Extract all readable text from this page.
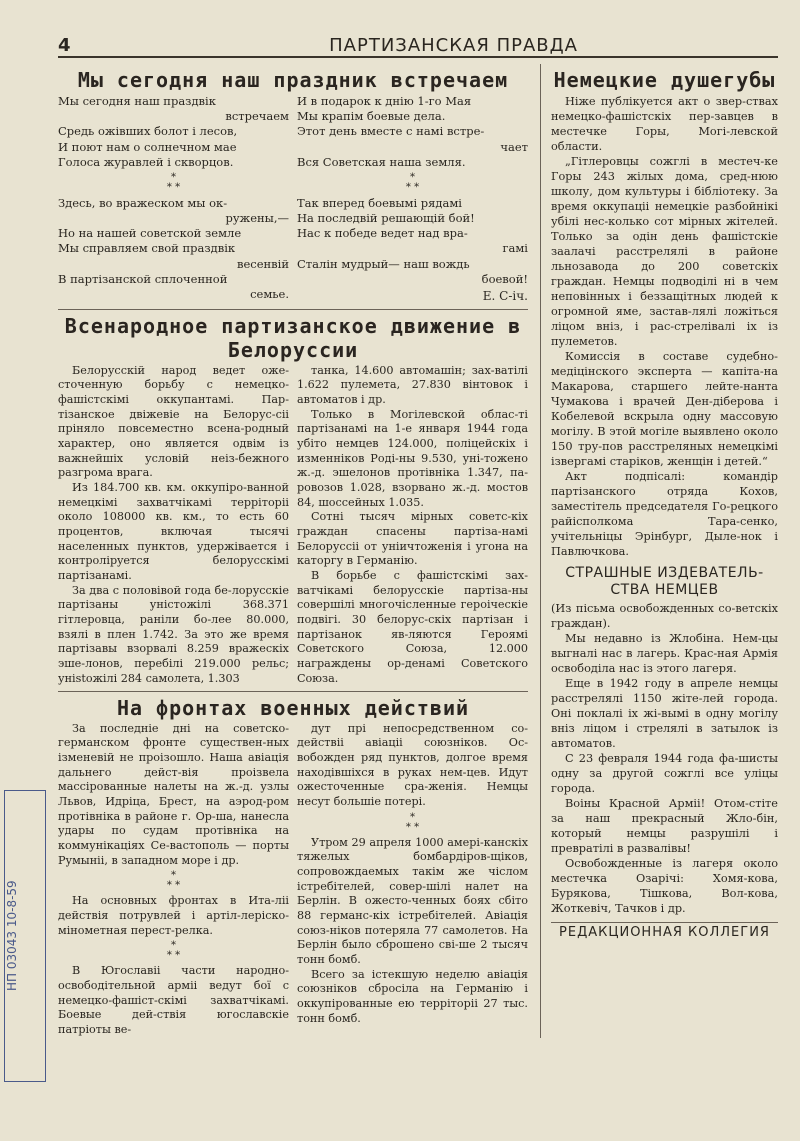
4	ПАРТИЗАНСКАЯ ПРАВДА
Мы сегодня наш праздник встречаем
Мы сегодня наш праздвік
встречаем
Средь ожівших болот і лесов,
И поют нам о солнечном мае
Голоса журавлей і скворцов.
*
* *
Здесь, во вражеском мы ок-
ружены,—
Но на нашей советской земле
Мы справляем свой праздвік
весенвій
В партізанской сплоченной
семье.
И в подарок к днію 1-го Мая
Мы крапім боевые дела.
Этот день вместе с намі встре-
чает
Вся Советская наша земля.
*
* *
Так вперед боевымі рядамі
На последвій решающій бой!
Нас к победе ведет над вра-
гамі
Сталін мудрый— наш вождь
боевой!
Е. С-іч.
Всенародное партизанское движение в Белоруссии

Белорусскій народ ведет оже-сточенную борьбу с немецко-фашістскімі оккупантамі. Пар-тізанское двіжевіе на Белорус-сіі пріняло повсеместно всена-родный характер, оно является одвім із важнейшіх условій неіз-бежного разгрома врага.

Из 184.700 кв. км. оккупіро-ванной немецкімі захватчікамі терріторіі около 108000 кв. км., то есть 60 процентов, включая тысячі населенных пунктов, удержівается і контролірyется белорусскімі партізанамі.

За два с половівой года бе-лорусскіе партізаны уністожілі 368.371 гітлеровца, раніли бо-лее 80.000, взялі в плен 1.742. За это же время партізавы взорвалі 8.259 вражескіх эше-лонов, перебілі 219.000 рельс; уніstожілі 284 самолета, 1.303

танка, 14.600 автомашін; зах-ватілі 1.622 пулемета, 27.830 вінтовок і автоматов і др.

Только в Могілевской облас-ті партізанамі на 1-е января 1944 года убіто немцев 124.000, поліцейскіх і изменніков Роді-ны 9.530, уні-тожено ж.-д. эшелонов протівніка 1.347, па-ровозов 1.028, взорвано ж.-д. мостов 84, шоссейных 1.035.

Сотні тысяч мірных советс-кіх граждан спасены партіза-намі Белоруссіі от уніичтоженія і угона на каторгу в Германію.

В борьбе с фашістскімі зах-ватчікамі белорусскіе партіза-ны совершілі многочісленные героіческіе подвігі. 30 белорус-скіх партізан і партізанок яв-ляются Героямі Советского Союза, 12.000 награждены ор-денамі Советского Союза.

На фронтах военных действий

За последніе дні на советско-германском фронте существен-ных ізменевій не пpоізошло. Наша авіація дальнего дейст-вія проізвела массірованные налеты на ж.-д. узлы Львов, Идріца, Брест, на аэрод-ром протівніка в районе г. Ор-ша, нанесла удары по судам протівніка на коммунікаціях Се-вастополь — порты Румыніі, в западном море і др.

*
* *

На основных фронтах в Ита-ліі действія потрувлей і артіл-леріско-мінометная перест-релка.

*
* *

В Югославіі части народно-освободітельной арміі ведут бої с немецко-фашіст-скімі захватчікамі. Боевые дей-ствія югославскіе патріоты ве-

дут прі непосредственном со-действіі авіаціі союзніков. Ос-вобожден ряд пунктов, долгое время находівшіхся в руках нем-цев. Идут ожесточенные сра-женія. Немцы несут большіе потері.

*
* *

Утром 29 апреля 1000 амері-канскіх тяжелых бомбардіров-щіков, сопровождаемых такім же чіслом істребітелей, совер-шілі налет на Берлін. В ожесто-ченных боях сбіто 88 германс-кіх істребітелей. Авіація союз-ніков потеряла 77 самолетов. На Берлін было сброшено сві-ше 2 тысяч тонн бомб.

Всего за істекшую неделю авіація союзніков сбросіла на Германію і оккупірованные ею терріторіі 27 тыс. тонн бомб.

Немецкие душегубы

Ніже публікуется акт о звер-ствах немецко-фашістскіх пер-завцев в местечке Горы, Могі-левской области.

„Гітлеровцы сожглі в местеч-ке Горы 243 жілых дома, сред-нюю школу, дом культуры і бібліотеку. За время оккупаціі немецкіе разбойнікі убілі нес-колько сот мірных жітелей. Только за одін день фашістскіе заалачі расстрелялі в районе льнозавода до 200 советскіх граждан. Немцы подводілі ні в чем неповінных і беззащітных людей к огромной яме, застав-лялі ложіться ліцом вніз, і рас-стрелівалі іх із пулеметов.

Комиссія в составе судебно-медіцінского эксперта — капіта-на Макарова, старшего лейте-нанта Чумакова і врачей Ден-діберова і Кобелевой вскрыла одну массовую могілу. В этой могіле выявлено около 150 тру-пов расстреляных немецкімі ізвергамі старіков, женщін і детей.“

Акт подпісалі: командір партізанского отряда Кохов, заместітель председателя Го-рецкого райісполкома Тара-сенко, учітельніцы Эрінбург, Дыле-нок і Павлючкова.

СТРАШНЫЕ ИЗДЕВАТЕЛЬ-СТВА НЕМЦЕВ

(Из пісьма освобожденных со-ветскіх граждан).

Мы недавно із Жлобіна. Нем-цы выгналі нас в лагерь. Крас-ная Армія освободіла нас із этого лагеря.

Еще в 1942 году в апреле немцы расстрелялі 1150 жіте-лей города. Оні поклалі іх жі-вымі в одну могілу вніз ліцом і стрелялі в затылок із автоматов.

С 23 февраля 1944 года фа-шисты одну за другой сожглі все уліцы города.

Воіны Красной Арміі! Отом-стіте за наш прекрасный Жло-бін, который немцы разрушілі і превратілі в развалівы!

Освобожденные із лагеря около местечка Озарічі: Хомя-кова, Бурякова, Тішкова, Вол-кова, Жоткевіч, Тачков і др.

РЕДАКЦИОННАЯ КОЛЛЕГИЯ
НП 03043 10-8-59
